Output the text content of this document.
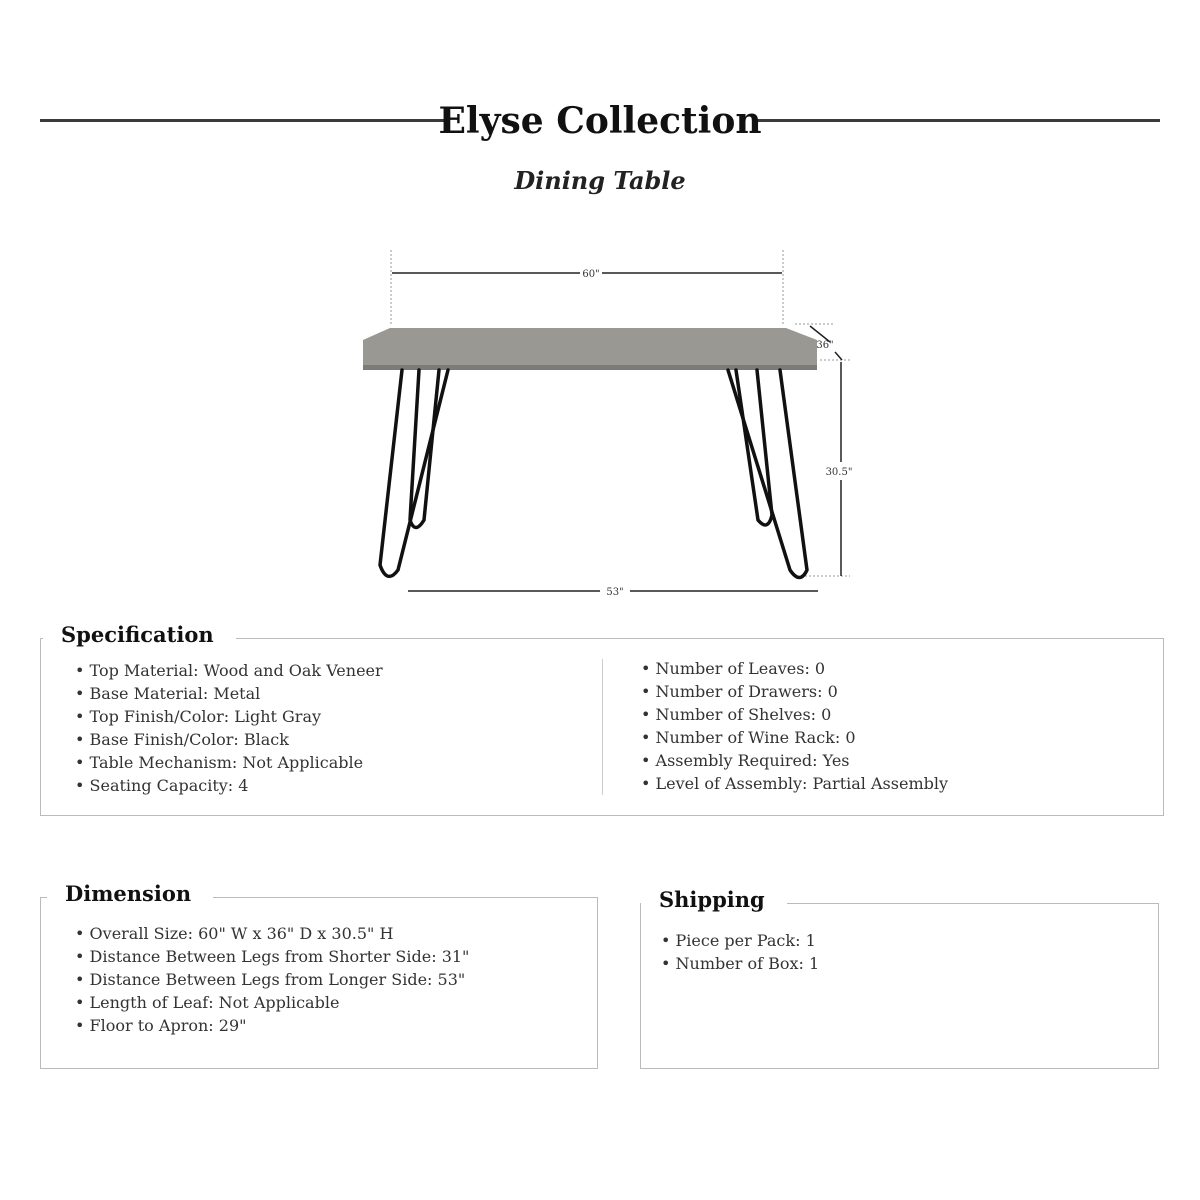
Elyse Collection
Dining Table
60"
36"
30.5"
53"
Specification
• Top Material: Wood and Oak Veneer
• Base Material: Metal
• Top Finish/Color: Light Gray
• Base Finish/Color: Black
• Table Mechanism: Not Applicable
• Seating Capacity: 4
• Number of Leaves: 0
• Number of Drawers: 0
• Number of Shelves: 0
• Number of Wine Rack: 0
• Assembly Required: Yes
• Level of Assembly: Partial Assembly
Dimension
• Overall Size: 60" W x 36" D x 30.5" H
• Distance Between Legs from Shorter Side: 31"
• Distance Between Legs from Longer Side: 53"
• Length of Leaf: Not Applicable
• Floor to Apron: 29"
Shipping
• Piece per Pack: 1
• Number of Box: 1
